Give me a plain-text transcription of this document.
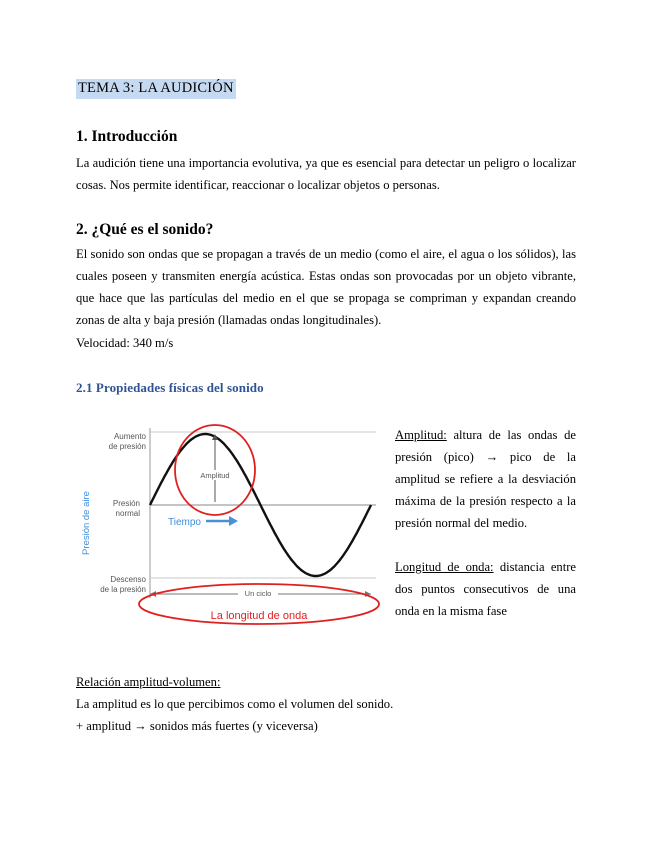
TEMA 3: LA AUDICIÓN
1. Introducción
La audición tiene una importancia evolutiva, ya que es esencial para detectar un peligro o localizar cosas. Nos permite identificar, reaccionar o localizar objetos o personas.
2. ¿Qué es el sonido?
El sonido son ondas que se propagan a través de un medio (como el aire, el agua o los sólidos), las cuales poseen y transmiten energía acústica. Estas ondas son provocadas por un objeto vibrante, que hace que las partículas del medio en el que se propaga se compriman y expandan creando zonas de alta y baja presión (llamadas ondas longitudinales).
Velocidad: 340 m/s
2.1 Propiedades físicas del sonido
Aumento
de presión
Presión
normal
Descenso
de la presión
Presión de aire
Amplitud
Tiempo
Un ciclo
La longitud de onda
Amplitud: altura de las ondas de presión (pico) → pico de la amplitud se refiere a la desviación máxima de la presión respecto a la presión normal del medio.
Longitud de onda: distancia entre dos puntos consecutivos de una onda en la misma fase
Relación amplitud-volumen:
La amplitud es lo que percibimos como el volumen del sonido.
+ amplitud → sonidos más fuertes (y viceversa)
